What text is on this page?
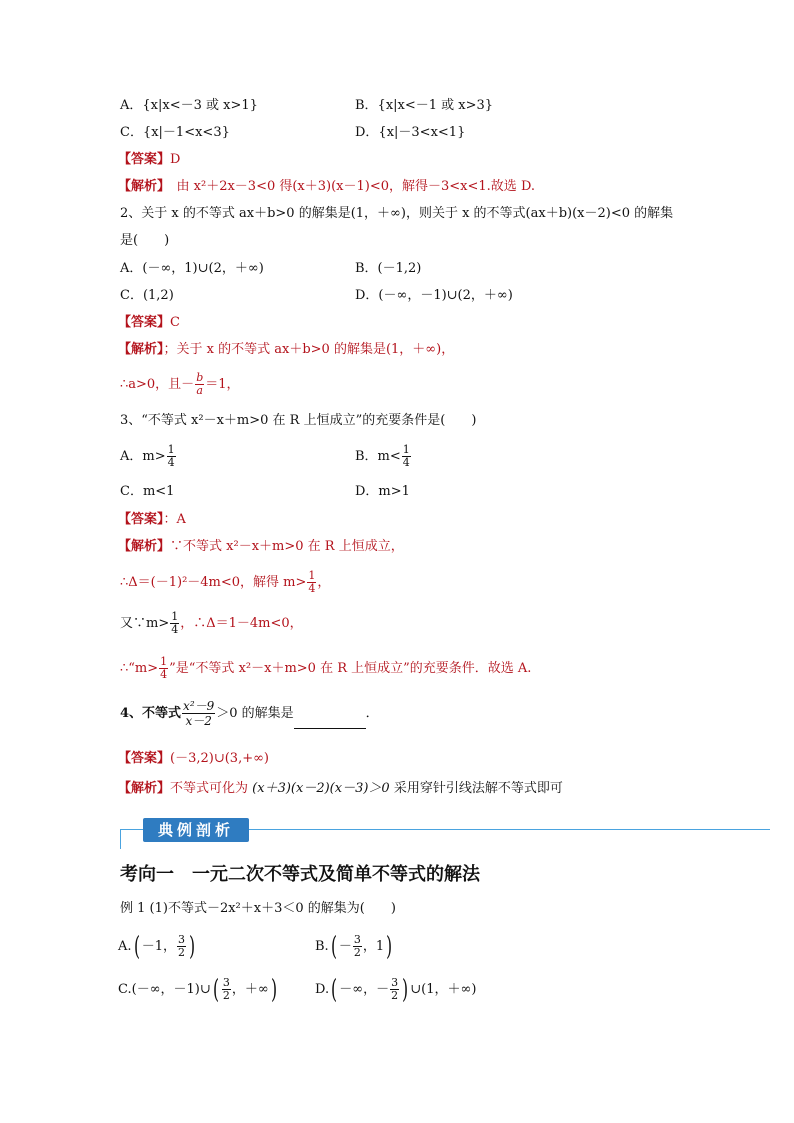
A．{x|x<－3 或 x>1}	B．{x|x<－1 或 x>3}
C．{x|－1<x<3}	D．{x|－3<x<1}
【答案】D
【解析】　由 x²＋2x－3<0 得(x＋3)(x－1)<0，解得－3<x<1.故选 D.
2、关于 x 的不等式 ax＋b>0 的解集是(1，＋∞)，则关于 x 的不等式(ax＋b)(x－2)<0 的解集
是(　　)
A．(－∞，1)∪(2，＋∞)	B．(－1,2)
C．(1,2)	D．(－∞，－1)∪(2，＋∞)
【答案】C
【解析】；关于 x 的不等式 ax＋b>0 的解集是(1，＋∞)，
∴a>0，且－ $\frac{b}{a} =1$，
3、“不等式 x²－x＋m>0 在 R 上恒成立”的充要条件是(　　)
A．$m> \frac{1}{4}$	B．$m< \frac{1}{4}$
C．m<1	D．m>1
【答案】：A
【解析】∵不等式 x²－x＋m>0 在 R 上恒成立，
∴Δ＝(－1)²－4m<0，解得 $m> \frac{1}{4}$ ，
又∵m> $\frac{1}{4}$ ，∴Δ＝1－4m<0，
∴“m> $\frac{1}{4}$ ”是“不等式 x²－x＋m>0 在 R 上恒成立”的充要条件．故选 A.
4、不等式 $\frac{\text{x²－9}}{x-2} >0$ 的解集是	．
【答案】(－3,2)∪(3,+∞)
【解析】不等式可化为 (x＋3)(x－2)(x－3)＞0 采用穿针引线法解不等式即可
典例剖析
考向一　一元二次不等式及简单不等式的解法
例 1 (1)不等式－2x²＋x＋3＜0 的解集为(　　)
A.( －1， $\frac{3}{2}$ )	$B.( - \frac{3}{2}$ ，1)
C.(－∞，－1)∪( $\frac{3}{2}$ ，＋∞)	D.( －∞，－ $\frac{3}{2}$ ) ∪(1，＋∞)
